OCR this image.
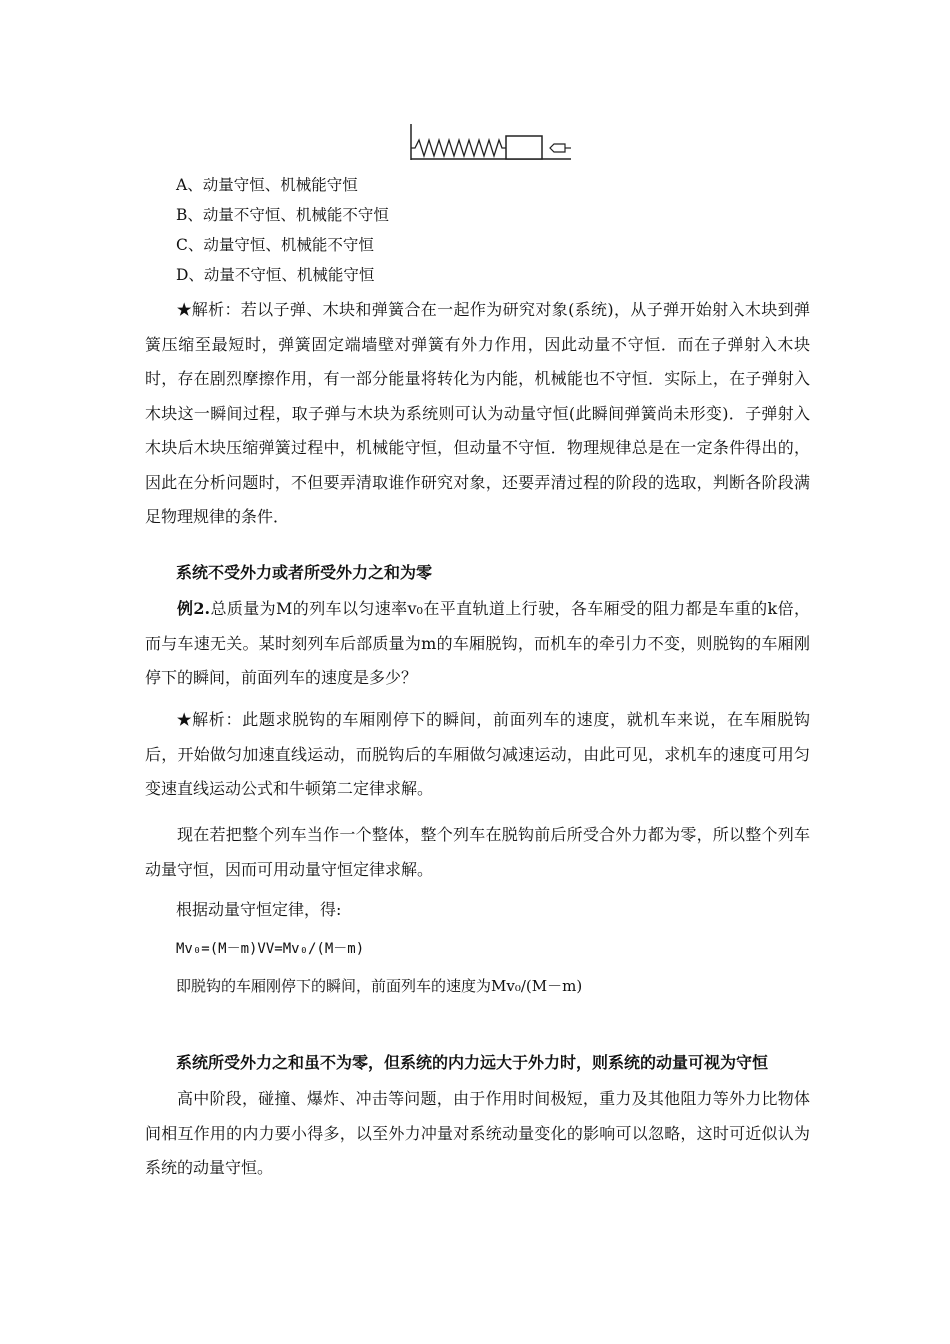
A、动量守恒、机械能守恒
B、动量不守恒、机械能不守恒
C、动量守恒、机械能不守恒
D、动量不守恒、机械能守恒
★解析：若以子弹、木块和弹簧合在一起作为研究对象(系统)，从子弹开始射入木块到弹簧压缩至最短时，弹簧固定端墙壁对弹簧有外力作用，因此动量不守恒．而在子弹射入木块时，存在剧烈摩擦作用，有一部分能量将转化为内能，机械能也不守恒．实际上，在子弹射入木块这一瞬间过程，取子弹与木块为系统则可认为动量守恒(此瞬间弹簧尚未形变)．子弹射入木块后木块压缩弹簧过程中，机械能守恒，但动量不守恒．物理规律总是在一定条件得出的，因此在分析问题时，不但要弄清取谁作研究对象，还要弄清过程的阶段的选取，判断各阶段满足物理规律的条件．
系统不受外力或者所受外力之和为零
例2.总质量为M的列车以匀速率v₀在平直轨道上行驶，各车厢受的阻力都是车重的k倍，而与车速无关。某时刻列车后部质量为m的车厢脱钩，而机车的牵引力不变，则脱钩的车厢刚停下的瞬间，前面列车的速度是多少？
★解析：此题求脱钩的车厢刚停下的瞬间，前面列车的速度，就机车来说，在车厢脱钩后，开始做匀加速直线运动，而脱钩后的车厢做匀减速运动，由此可见，求机车的速度可用匀变速直线运动公式和牛顿第二定律求解。
现在若把整个列车当作一个整体，整个列车在脱钩前后所受合外力都为零，所以整个列车动量守恒，因而可用动量守恒定律求解。
根据动量守恒定律，得:
Mv₀=(M－m)VV=Mv₀/(M－m)
即脱钩的车厢刚停下的瞬间，前面列车的速度为Mv₀/(M－m)
系统所受外力之和虽不为零，但系统的内力远大于外力时，则系统的动量可视为守恒
高中阶段，碰撞、爆炸、冲击等问题，由于作用时间极短，重力及其他阻力等外力比物体间相互作用的内力要小得多，以至外力冲量对系统动量变化的影响可以忽略，这时可近似认为系统的动量守恒。
